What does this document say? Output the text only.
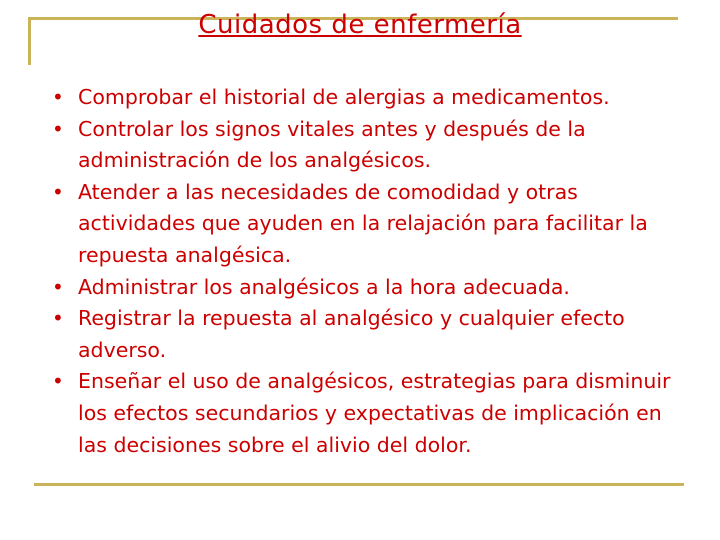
Cuidados de enfermería
• Comprobar el historial de alergias a medicamentos.
• Controlar los signos vitales antes y después de la administración de los analgésicos.
• Atender a las necesidades de comodidad y otras actividades que ayuden en la relajación para facilitar la repuesta analgésica.
• Administrar los analgésicos a la hora adecuada.
• Registrar la repuesta al analgésico y cualquier efecto adverso.
• Enseñar el uso de analgésicos, estrategias para disminuir los efectos secundarios y expectativas de implicación en las decisiones sobre el alivio del dolor.
